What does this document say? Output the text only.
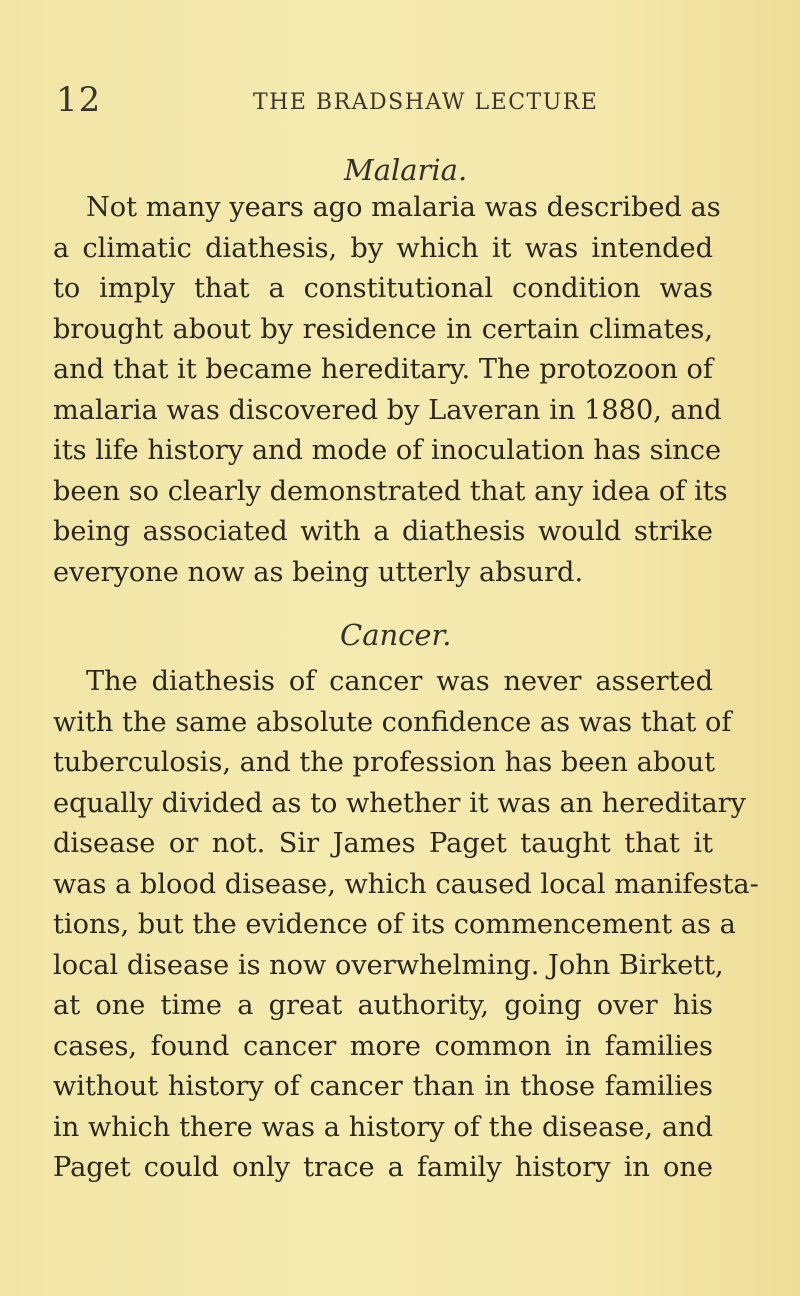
12	THE BRADSHAW LECTURE
Malaria.
Not many years ago malaria was described as
a climatic diathesis, by which it was intended
to imply that a constitutional condition was
brought about by residence in certain climates,
and that it became hereditary. The protozoon of
malaria was discovered by Laveran in 1880, and
its life history and mode of inoculation has since
been so clearly demonstrated that any idea of its
being associated with a diathesis would strike
everyone now as being utterly absurd.
Cancer.
The diathesis of cancer was never asserted
with the same absolute confidence as was that of
tuberculosis, and the profession has been about
equally divided as to whether it was an hereditary
disease or not. Sir James Paget taught that it
was a blood disease, which caused local manifesta-
tions, but the evidence of its commencement as a
local disease is now overwhelming. John Birkett,
at one time a great authority, going over his
cases, found cancer more common in families
without history of cancer than in those families
in which there was a history of the disease, and
Paget could only trace a family history in one
